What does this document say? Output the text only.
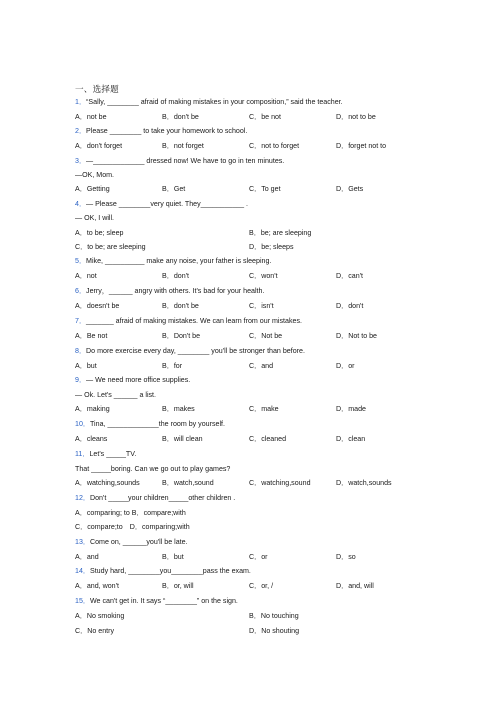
一、选择题
1．“Sally, ________ afraid of making mistakes in your composition,” said the teacher.
A．not be	B．don't be	C．be not	D．not to be
2．Please ________ to take your homework to school.
A．don't forget	B．not forget	C．not to forget	D．forget not to
3．—_____________ dressed now! We have to go in ten minutes.
—OK, Mom.
A．Getting	B．Get	C．To get	D．Gets
4．— Please ________very quiet. They___________ .
— OK, I will.
A．to be; sleep	B．be; are sleeping
C．to be; are sleeping	D．be; sleeps
5．Mike, __________ make any noise, your father is sleeping.
A．not	B．don't	C．won't	D．can't
6．Jerry，______ angry with others. It's bad for your health.
A．doesn't be	B．don't be	C．isn't	D．don't
7．_______ afraid of making mistakes. We can learn from our mistakes.
A．Be not	B．Don't be	C．Not be	D．Not to be
8．Do more exercise every day, ________ you'll be stronger than before.
A．but	B．for	C．and	D．or
9．— We need more office supplies.
— Ok. Let's ______ a list.
A．making	B．makes	C．make	D．made
10．Tina, _____________the room by yourself.
A．cleans	B．will clean	C．cleaned	D．clean
11．Let's _____TV.
That _____boring. Can we go out to play games?
A．watching,sounds	B．watch,sound	C．watching,sound	D．watch,sounds
12．Don't _____your children_____other children .
A．comparing; to B．compare;with
C．compare;to　D．comparing;with
13．Come on, ______you'll be late.
A．and	B．but	C．or	D．so
14．Study hard, ________you________pass the exam.
A．and, won't	B．or, will	C．or, /	D．and, will
15．We can't get in. It says “________” on the sign.
A．No smoking	B．No touching
C．No entry	D．No shouting
